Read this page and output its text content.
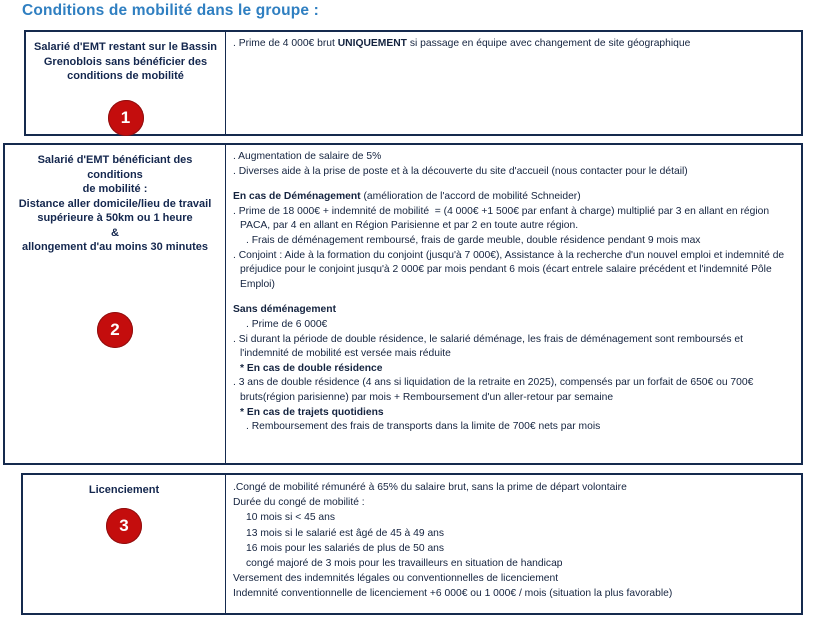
Conditions de mobilité dans le groupe :
Salarié d'EMT restant sur le Bassin
Grenoblois sans bénéficier des
conditions de mobilité
1
. Prime de 4 000€ brut UNIQUEMENT si passage en équipe avec changement de site géographique
Salarié d'EMT bénéficiant des conditions
de mobilité :
Distance aller domicile/lieu de travail
supérieure à 50km ou 1 heure
&
allongement d'au moins 30 minutes
2
. Augmentation de salaire de 5%
. Diverses aide à la prise de poste et à la découverte du site d'accueil (nous contacter pour le détail)
En cas de Déménagement (amélioration de l'accord de mobilité Schneider)
. Prime de 18 000€ + indemnité de mobilité  = (4 000€ +1 500€ par enfant à charge) multiplié par 3 en allant en région PACA, par 4 en allant en Région Parisienne et par 2 en toute autre région.
. Frais de déménagement remboursé, frais de garde meuble, double résidence pendant 9 mois max
. Conjoint : Aide à la formation du conjoint (jusqu'à 7 000€), Assistance à la recherche d'un nouvel emploi et indemnité de préjudice pour le conjoint jusqu'à 2 000€ par mois pendant 6 mois (écart entrele salaire précédent et l'indemnité Pôle Emploi)
Sans déménagement
. Prime de 6 000€
. Si durant la période de double résidence, le salarié déménage, les frais de déménagement sont remboursés et l'indemnité de mobilité est versée mais réduite
* En cas de double résidence
. 3 ans de double résidence (4 ans si liquidation de la retraite en 2025), compensés par un forfait de 650€ ou 700€ bruts(région parisienne) par mois + Remboursement d'un aller-retour par semaine
* En cas de trajets quotidiens
. Remboursement des frais de transports dans la limite de 700€ nets par mois
Licenciement
3
.Congé de mobilité rémunéré à 65% du salaire brut, sans la prime de départ volontaire
Durée du congé de mobilité :
10 mois si < 45 ans
13 mois si le salarié est âgé de 45 à 49 ans
16 mois pour les salariés de plus de 50 ans
congé majoré de 3 mois pour les travailleurs en situation de handicap
Versement des indemnités légales ou conventionnelles de licenciement
Indemnité conventionnelle de licenciement +6 000€ ou 1 000€ / mois (situation la plus favorable)
